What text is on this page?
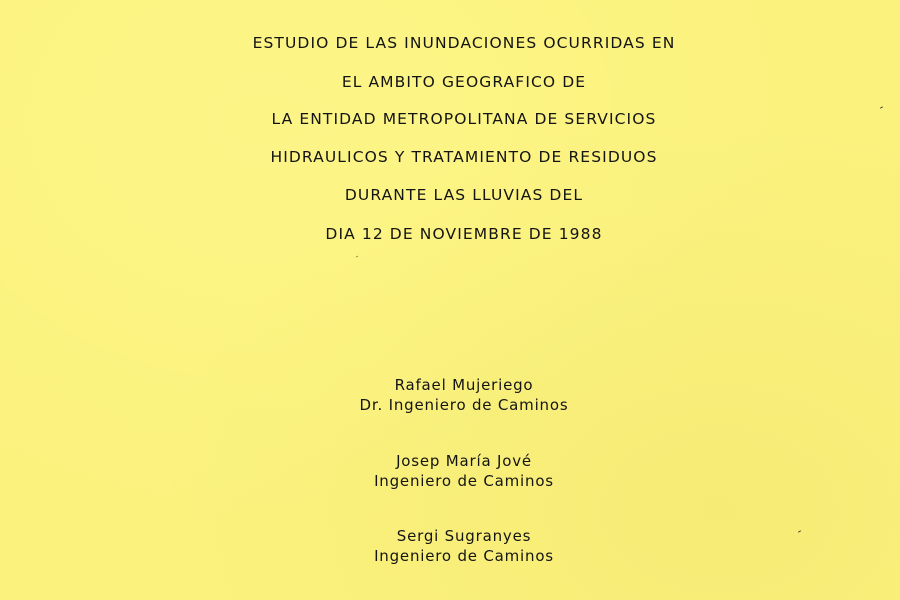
ESTUDIO DE LAS INUNDACIONES OCURRIDAS EN
EL AMBITO GEOGRAFICO DE
LA ENTIDAD METROPOLITANA DE SERVICIOS
HIDRAULICOS Y TRATAMIENTO DE RESIDUOS
DURANTE LAS LLUVIAS DEL
DIA 12 DE NOVIEMBRE DE 1988
Rafael Mujeriego
Dr. Ingeniero de Caminos
Josep María Jové
Ingeniero de Caminos
Sergi Sugranyes
Ingeniero de Caminos
